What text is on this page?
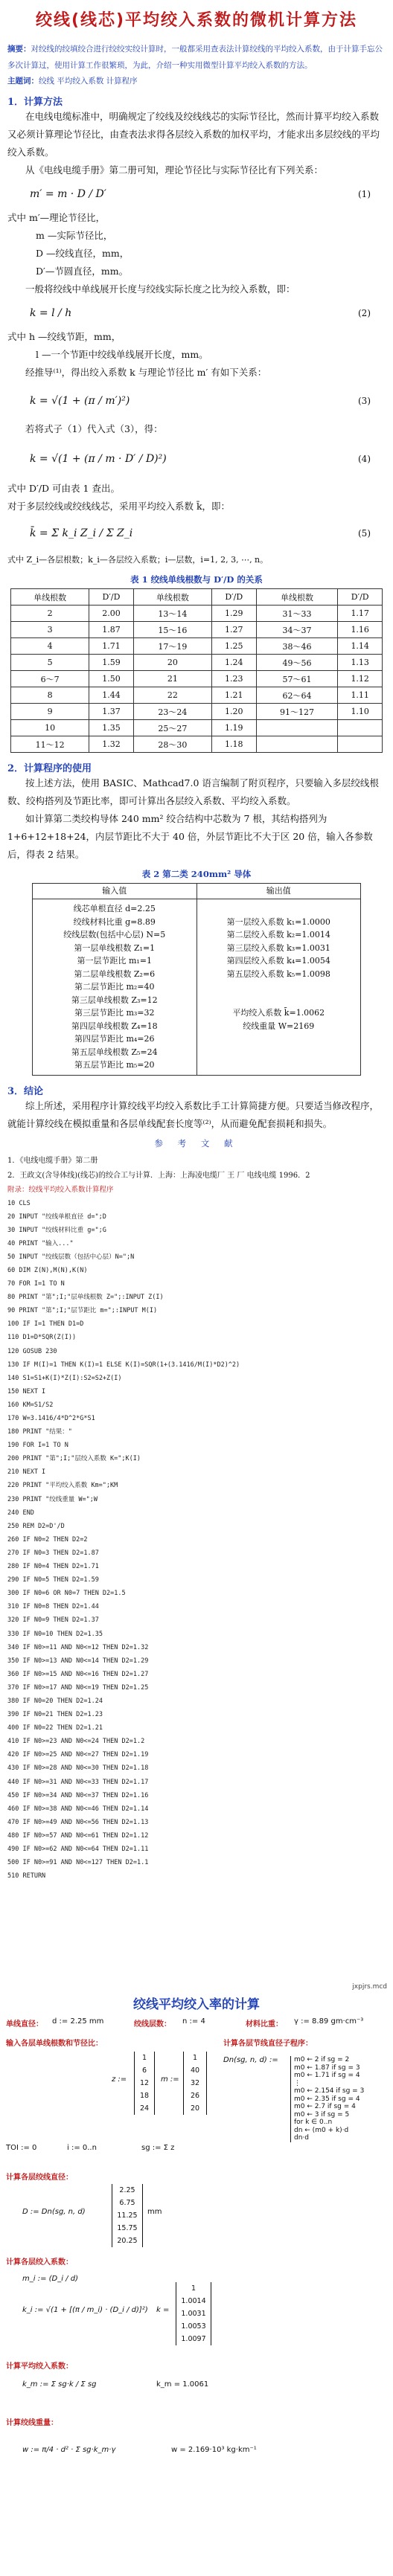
绞线(线芯)平均绞入系数的微机计算方法
摘要：对绞线的绞填绞合进行绞绞实绞计算时，一般都采用查表法计算绞线的平均绞入系数，由于计算手忘公多次计算过，使用计算工作很繁琐，为此，介绍一种实用微型计算平均绞入系数的方法。
主题词：绞线 平均绞入系数 计算程序
1．计算方法
在电线电缆标准中，明确规定了绞线及绞线线芯的实际节径比，然而计算平均绞入系数又必须计算理论节径比，由查表法求得各层绞入系数的加权平均，才能求出多层绞线的平均绞入系数。
从《电线电缆手册》第二册可知，理论节径比与实际节径比有下列关系：
m′ = m · D / D′	(1)
式中 m′—理论节径比，
m —实际节径比，
D —绞线直径，mm，
D′—节圆直径，mm。
一般将绞线中单线展开长度与绞线实际长度之比为绞入系数，即：
k = l / h	(2)
式中 h —绞线节距，mm，
l —一个节距中绞线单线展开长度，mm。
经推导⁽¹⁾，得出绞入系数 k 与理论节径比 m′ 有如下关系：
k = √(1 + (π / m′)²)	(3)
若将式子（1）代入式（3），得：
k = √(1 + (π / m · D′ / D)²)	(4)
式中 D′/D 可由表 1 查出。
对于多层绞线或绞线线芯，采用平均绞入系数 k̄，即：
k̄ = Σ k_i Z_i / Σ Z_i	(5)
式中 Z_i—各层根数；k_i—各层绞入系数；i—层数，i=1, 2, 3, ⋯, n。
表 1 绞线单线根数与 D′/D 的关系
单线根数	D′/D	单线根数	D′/D	单线根数	D′/D
2	2.00	13～14	1.29	31～33	1.17
3	1.87	15～16	1.27	34～37	1.16
4	1.71	17～19	1.25	38～46	1.14
5	1.59	20	1.24	49～56	1.13
6～7	1.50	21	1.23	57～61	1.12
8	1.44	22	1.21	62～64	1.11
9	1.37	23～24	1.20	91～127	1.10
10	1.35	25～27	1.19		
11～12	1.32	28～30	1.18		
2．计算程序的使用
按上述方法，使用 BASIC、Mathcad7.0 语言编制了附页程序，只要输入多层绞线根数、绞构搭列及节距比率，即可计算出各层绞入系数、平均绞入系数。
如计算第二类绞构导体 240 mm² 绞合结构中芯数为 7 根，其结构搭列为 1+6+12+18+24，内层节距比不大于 40 倍，外层节距比不大于区 20 倍，输入各参数后，得表 2 结果。
表 2 第二类 240mm² 导体
输入值	输出值
线芯单根直径 d=2.25
绞线材料比重 g=8.89
绞线层数(包括中心层) N=5
第一层单线根数 Z₁=1
第一层节距比 m₁=1
第二层单线根数 Z₂=6
第二层节距比 m₂=40
第三层单线根数 Z₃=12
第三层节距比 m₃=32
第四层单线根数 Z₄=18
第四层节距比 m₄=26
第五层单线根数 Z₅=24
第五层节距比 m₅=20
第一层绞入系数 k₁=1.0000
第二层绞入系数 k₂=1.0014
第三层绞入系数 k₃=1.0031
第四层绞入系数 k₄=1.0054
第五层绞入系数 k₅=1.0098
平均绞入系数 k̄=1.0062
绞线重量 W=2169
3．结论
综上所述，采用程序计算绞线平均绞入系数比手工计算简捷方便。只要适当修改程序，就能计算绞线在模拟重量和各层单线配套长度等⁽²⁾，从而避免配套损耗和损失。
参 考 文 献
1．《电线电缆手册》第二册
2．王政文(含导体线)(线芯)的绞合工与计算．上海：上海凌电缆厂 王 厂 电线电缆 1996．2
附录：绞线平均绞入系数计算程序
10 CLS
20 INPUT "绞线单根直径 d=";D
30 INPUT "绞线材料比重 g=";G
40 PRINT "输入..."
50 INPUT "绞线层数（包括中心层）N=";N
60 DIM Z(N),M(N),K(N)
70 FOR I=1 TO N
80 PRINT "第";I;"层单线根数 Z=";:INPUT Z(I)
90 PRINT "第";I;"层节距比 m=";:INPUT M(I)
100 IF I=1 THEN D1=D
110 D1=D*SQR(Z(I))
120 GOSUB 230
130 IF M(I)=1 THEN K(I)=1 ELSE K(I)=SQR(1+(3.1416/M(I)*D2)^2)
140 S1=S1+K(I)*Z(I):S2=S2+Z(I)
150 NEXT I
160 KM=S1/S2
170 W=3.1416/4*D^2*G*S1
180 PRINT "结果："
190 FOR I=1 TO N
200 PRINT "第";I;"层绞入系数 K=";K(I)
210 NEXT I
220 PRINT "平均绞入系数 Km=";KM
230 PRINT "绞线重量 W=";W
240 END
250 REM D2=D'/D
260 IF N0=2 THEN D2=2
270 IF N0=3 THEN D2=1.87
280 IF N0=4 THEN D2=1.71
290 IF N0=5 THEN D2=1.59
300 IF N0=6 OR N0=7 THEN D2=1.5
310 IF N0=8 THEN D2=1.44
320 IF N0=9 THEN D2=1.37
330 IF N0=10 THEN D2=1.35
340 IF N0>=11 AND N0<=12 THEN D2=1.32
350 IF N0>=13 AND N0<=14 THEN D2=1.29
360 IF N0>=15 AND N0<=16 THEN D2=1.27
370 IF N0>=17 AND N0<=19 THEN D2=1.25
380 IF N0=20 THEN D2=1.24
390 IF N0=21 THEN D2=1.23
400 IF N0=22 THEN D2=1.21
410 IF N0>=23 AND N0<=24 THEN D2=1.2
420 IF N0>=25 AND N0<=27 THEN D2=1.19
430 IF N0>=28 AND N0<=30 THEN D2=1.18
440 IF N0>=31 AND N0<=33 THEN D2=1.17
450 IF N0>=34 AND N0<=37 THEN D2=1.16
460 IF N0>=38 AND N0<=46 THEN D2=1.14
470 IF N0>=49 AND N0<=56 THEN D2=1.13
480 IF N0>=57 AND N0<=61 THEN D2=1.12
490 IF N0>=62 AND N0<=64 THEN D2=1.11
500 IF N0>=91 AND N0<=127 THEN D2=1.1
510 RETURN
jxpjrs.mcd
绞线平均绞入率的计算
单线直径： d := 2.25 mm	绞线层数： n := 4	材料比重： γ := 8.89 gm·cm⁻³
输入各层单线根数和节径比：
z :=
1
6
12
18
24
m :=
1
40
32
26
20
计算各层节线直径子程序：
Dn(sg, n, d) := m0 ← 2 if sg = 2
m0 ← 1.87 if sg = 3
m0 ← 1.71 if sg = 4
⋮
m0 ← 2.154 if sg = 3
m0 ← 2.35 if sg = 4
m0 ← 2.7 if sg = 4
m0 ← 3 if sg = 5
for k ∈ 0..n
dn ← (m0 + k)·d
dn·d
TOI := 0	i := 0..n	sg := Σ z
计算各层绞线直径：
D := Dn(sg, n, d)
2.25
6.75
11.25
15.75
20.25
mm
计算各层绞入系数：
m_i := (D_i / d)
k_i := √(1 + [(π / m_i) · (D_i / d)]²) k =
1
1.0014
1.0031
1.0053
1.0097
计算平均绞入系数：
k_m := Σ sg·k / Σ sg	k_m = 1.0061
计算绞线重量：
w := π/4 · d² · Σ sg·k_m·γ	w = 2.169·10³ kg·km⁻¹
